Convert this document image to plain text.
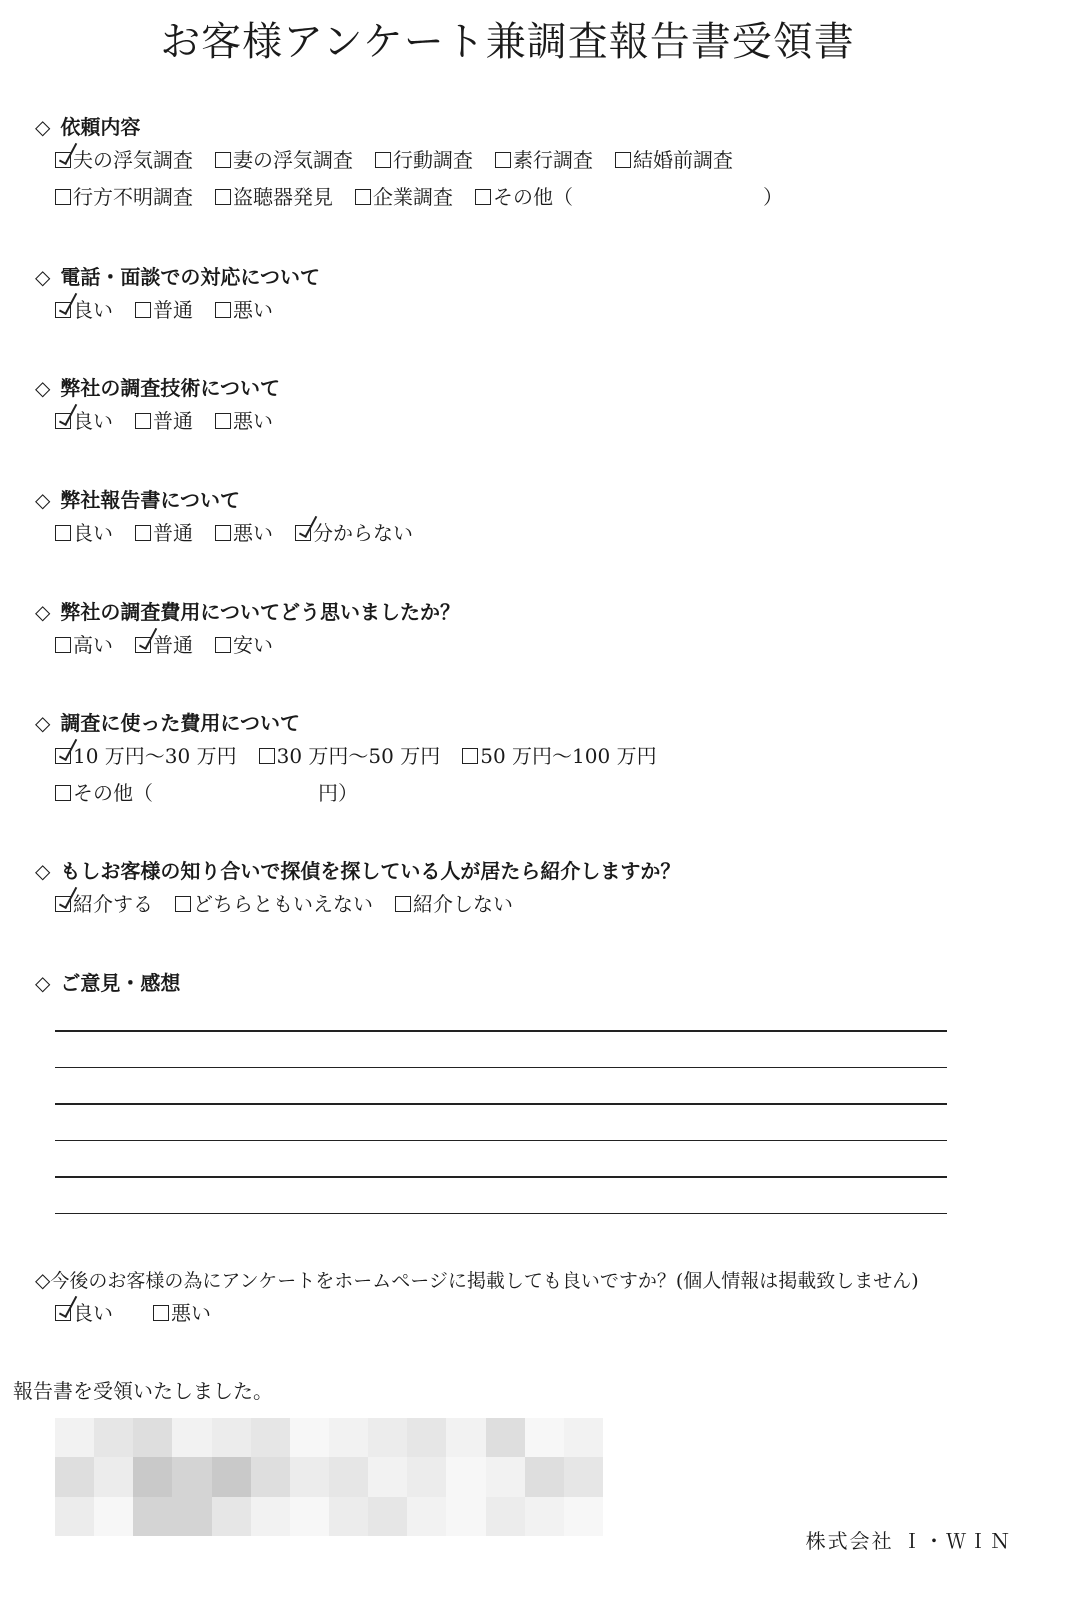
お客様アンケート兼調査報告書受領書
◇ 依頼内容
夫の浮気調査 妻の浮気調査 行動調査 素行調査 結婚前調査
行方不明調査 盗聴器発見 企業調査 その他（	）
◇ 電話・面談での対応について
良い 普通 悪い
◇ 弊社の調査技術について
良い 普通 悪い
◇ 弊社報告書について
良い 普通 悪い 分からない
◇ 弊社の調査費用についてどう思いましたか？
高い 普通 安い
◇ 調査に使った費用について
10 万円〜30 万円 30 万円〜50 万円 50 万円〜100 万円
その他（	円）
◇ もしお客様の知り合いで探偵を探している人が居たら紹介しますか？
紹介する どちらともいえない 紹介しない
◇ ご意見・感想
◇今後のお客様の為にアンケートをホームページに掲載しても良いですか？(個人情報は掲載致しません)
良い	悪い
報告書を受領いたしました。
株式会社 Ｉ・ＷＩＮ
